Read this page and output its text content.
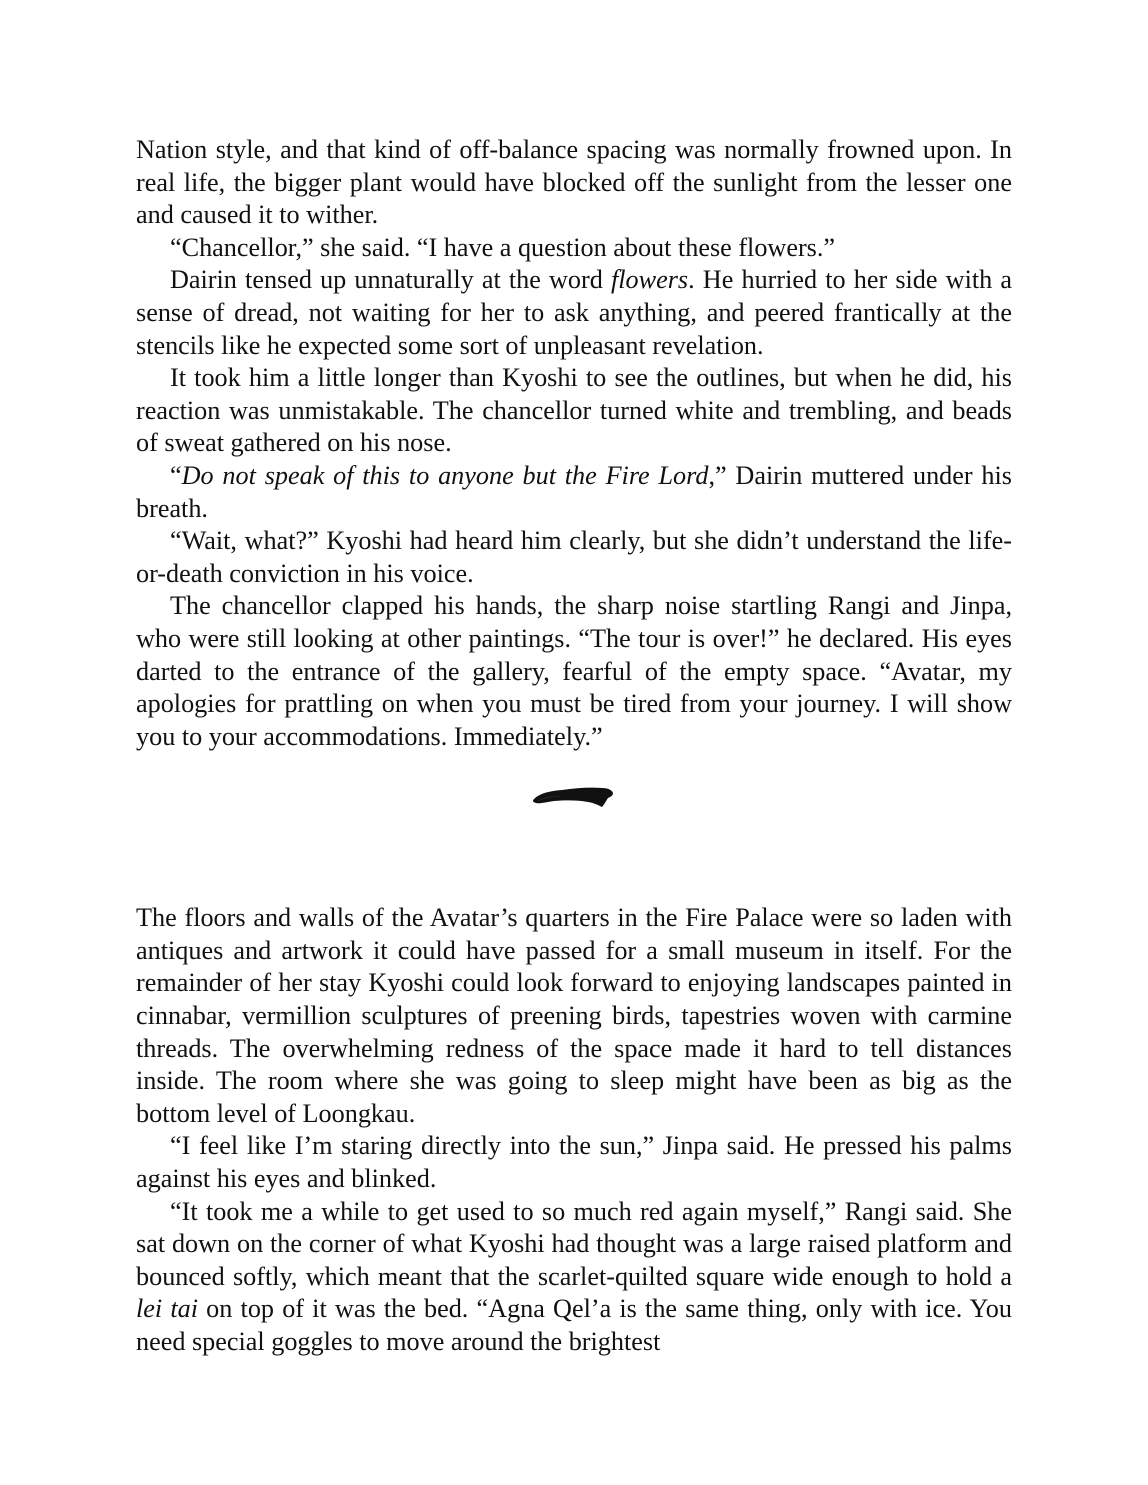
Nation style, and that kind of off-balance spacing was normally frowned upon. In real life, the bigger plant would have blocked off the sunlight from the lesser one and caused it to wither.

“Chancellor,” she said. “I have a question about these flowers.”

Dairin tensed up unnaturally at the word flowers. He hurried to her side with a sense of dread, not waiting for her to ask anything, and peered frantically at the stencils like he expected some sort of unpleasant revelation.

It took him a little longer than Kyoshi to see the outlines, but when he did, his reaction was unmistakable. The chancellor turned white and trembling, and beads of sweat gathered on his nose.

“Do not speak of this to anyone but the Fire Lord,” Dairin muttered under his breath.

“Wait, what?” Kyoshi had heard him clearly, but she didn’t understand the life-or-death conviction in his voice.

The chancellor clapped his hands, the sharp noise startling Rangi and Jinpa, who were still looking at other paintings. “The tour is over!” he declared. His eyes darted to the entrance of the gallery, fearful of the empty space. “Avatar, my apologies for prattling on when you must be tired from your journey. I will show you to your accommodations. Immediately.”

The floors and walls of the Avatar’s quarters in the Fire Palace were so laden with antiques and artwork it could have passed for a small museum in itself. For the remainder of her stay Kyoshi could look forward to enjoying landscapes painted in cinnabar, vermillion sculptures of preening birds, tapestries woven with carmine threads. The overwhelming redness of the space made it hard to tell distances inside. The room where she was going to sleep might have been as big as the bottom level of Loongkau.

“I feel like I’m staring directly into the sun,” Jinpa said. He pressed his palms against his eyes and blinked.

“It took me a while to get used to so much red again myself,” Rangi said. She sat down on the corner of what Kyoshi had thought was a large raised platform and bounced softly, which meant that the scarlet-quilted square wide enough to hold a lei tai on top of it was the bed. “Agna Qel’a is the same thing, only with ice. You need special goggles to move around the brightest
